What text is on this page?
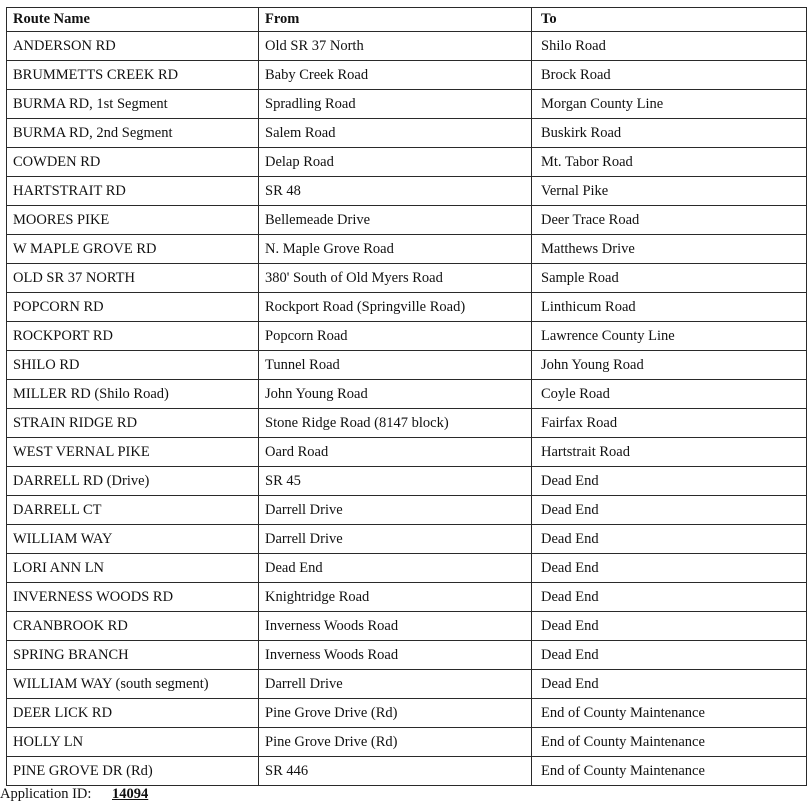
Route Name	From	To
ANDERSON RD	Old SR 37 North	Shilo Road
BRUMMETTS CREEK RD	Baby Creek Road	Brock Road
BURMA RD, 1st Segment	Spradling Road	Morgan County Line
BURMA RD, 2nd Segment	Salem Road	Buskirk Road
COWDEN RD	Delap Road	Mt. Tabor Road
HARTSTRAIT RD	SR 48	Vernal Pike
MOORES PIKE	Bellemeade Drive	Deer Trace Road
W MAPLE GROVE RD	N. Maple Grove Road	Matthews Drive
OLD SR 37 NORTH	380' South of Old Myers Road	Sample Road
POPCORN RD	Rockport Road (Springville Road)	Linthicum Road
ROCKPORT RD	Popcorn Road	Lawrence County Line
SHILO RD	Tunnel Road	John Young Road
MILLER RD (Shilo Road)	John Young Road	Coyle Road
STRAIN RIDGE RD	Stone Ridge Road (8147 block)	Fairfax Road
WEST VERNAL PIKE	Oard Road	Hartstrait Road
DARRELL RD (Drive)	SR 45	Dead End
DARRELL CT	Darrell Drive	Dead End
WILLIAM WAY	Darrell Drive	Dead End
LORI ANN LN	Dead End	Dead End
INVERNESS WOODS RD	Knightridge Road	Dead End
CRANBROOK RD	Inverness Woods Road	Dead End
SPRING BRANCH	Inverness Woods Road	Dead End
WILLIAM WAY (south segment)	Darrell Drive	Dead End
DEER LICK RD	Pine Grove Drive (Rd)	End of County Maintenance
HOLLY LN	Pine Grove Drive (Rd)	End of County Maintenance
PINE GROVE DR (Rd)	SR 446	End of County Maintenance
Application ID: 14094
